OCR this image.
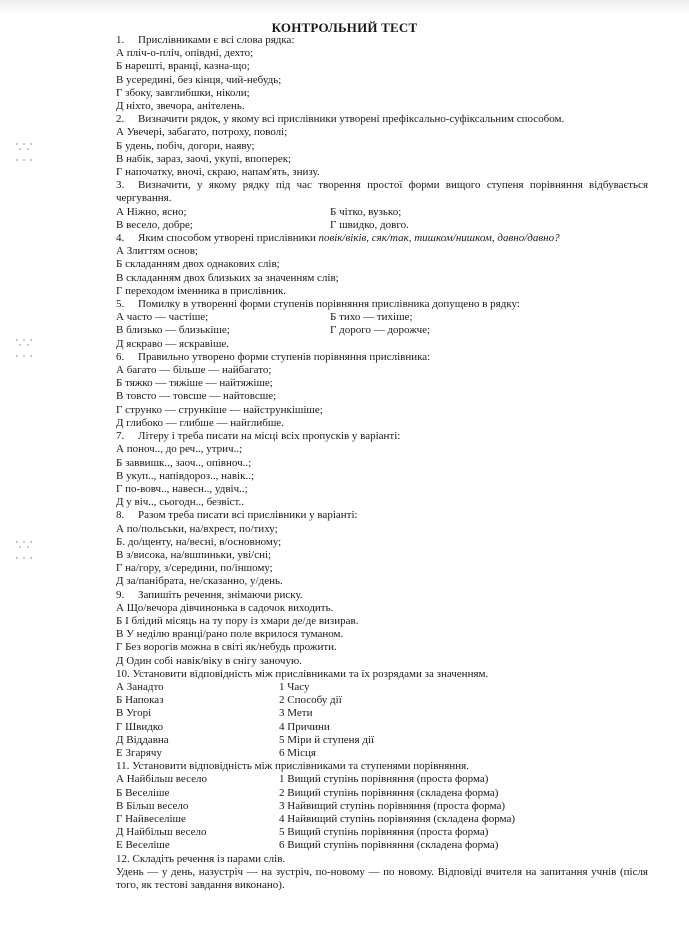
КОНТРОЛЬНИЙ ТЕСТ
1. Прислівниками є всі слова рядка:
А пліч-о-пліч, опівдні, дехто;
Б нарешті, вранці, казна-що;
В усередині, без кінця, чий-небудь;
Г збоку, завглибшки, ніколи;
Д ніхто, звечора, анітелень.
2. Визначити рядок, у якому всі прислівники утворені префіксально-суфіксальним способом.
А Увечері, забагато, потроху, поволі;
Б удень, побіч, догори, наяву;
В набік, зараз, заочі, укупі, впоперек;
Г напочатку, вночі, скраю, напам'ять, знизу.
3. Визначити, у якому рядку під час творення простої форми вищого ступеня порівняння відбувається чергування.
А Ніжно, ясно;	Б чітко, вузько;
В весело, добре;	Г швидко, довго.
4. Яким способом утворені прислівники повік/віків, сяк/так, тишком/нишком, давно/давно?
А Злиттям основ;
Б складанням двох однакових слів;
В складанням двох близьких за значенням слів;
Г переходом іменника в прислівник.
5. Помилку в утворенні форми ступенів порівняння прислівника допущено в рядку:
А часто — частіше;	Б тихо — тихіше;
В близько — близькіше;	Г дорого — дорожче;
Д яскраво — яскравіше.
6. Правильно утворено форми ступенів порівняння прислівника:
А багато — більше — найбагато;
Б тяжко — тяжіше — найтяжіше;
В товсто — товсше — найтовсше;
Г струнко — стрункіше — найстрункішіше;
Д глибоко — глибше — найглибше.
7. Літеру і треба писати на місці всіх пропусків у варіанті:
А поноч.., до реч.., утрич..;
Б заввишк.., заоч.., опівноч..;
В укуп.., напівдороз.., навік..;
Г по-вовч.., навесн.., удвіч..;
Д у віч.., сьогодн.., безвіст..
8. Разом треба писати всі прислівники у варіанті:
А по/польськи, на/вхрест, по/тиху;
Б. до/щенту, на/весні, в/основному;
В з/висока, на/вшпиньки, уві/сні;
Г на/гору, з/середини, по/іншому;
Д за/панібрата, не/сказанно, у/день.
9. Запишіть речення, знімаючи риску.
А Що/вечора дівчинонька в садочок виходить.
Б І блідий місяць на ту пору із хмари де/де визирав.
В У неділю вранці/рано поле вкрилося туманом.
Г Без ворогів можна в світі як/небудь прожити.
Д Один собі навік/віку в снігу заночую.
10. Установити відповідність між прислівниками та їх розрядами за значенням.
А Занадто	1 Часу
Б Напоказ	2 Способу дії
В Угорі	3 Мети
Г Швидко	4 Причини
Д Віддавна	5 Міри й ступеня дії
Е Згарячу	6 Місця
11. Установити відповідність між прислівниками та ступенями порівняння.
А Найбільш весело	1 Вищий ступінь порівняння (проста форма)
Б Веселіше	2 Вищий ступінь порівняння (складена форма)
В Більш весело	3 Найвищий ступінь порівняння (проста форма)
Г Найвеселіше	4 Найвищий ступінь порівняння (складена форма)
Д Найбільш весело	5 Вищий ступінь порівняння (проста форма)
Е Веселіше	6 Вищий ступінь порівняння (складена форма)
12. Складіть речення із парами слів.
Удень — у день, назустріч — на зустріч, по-новому — по новому. Відповіді вчителя на запитання учнів (після того, як тестові завдання виконано).
